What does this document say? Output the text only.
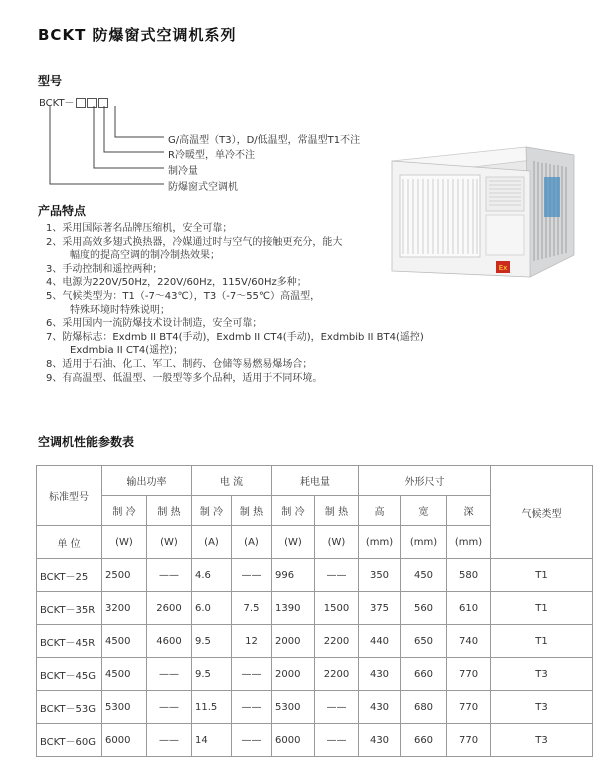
BCKT 防爆窗式空调机系列
型号
BCKT－
G/高温型（T3），D/低温型，常温型T1不注
R冷暖型，单冷不注
制冷量
防爆窗式空调机
Ex
产品特点
1、采用国际著名品牌压缩机，安全可靠；
2、采用高效多翅式换热器，冷媒通过时与空气的接触更充分，能大
幅度的提高空调的制冷制热效果；
3、手动控制和遥控两种；
4、电源为220V/50Hz，220V/60Hz，115V/60Hz多种；
5、气候类型为：T1（-7～43℃），T3（-7～55℃）高温型，
特殊环境时特殊说明；
6、采用国内一流防爆技术设计制造，安全可靠；
7、防爆标志：Exdmb II BT4(手动)，Exdmb II CT4(手动)，Exdmbib II BT4(遥控)
Exdmbia II CT4(遥控)；
8、适用于石油、化工、军工、制药、仓储等易燃易爆场合；
9、有高温型、低温型、一般型等多个品种，适用于不同环境。
空调机性能参数表
标准型号	输出功率		电 流		耗电量		外形尺寸			气候类型
	制 冷	制 热	制 冷	制 热	制 冷	制 热	高	宽	深	
单 位	(W)	(W)	(A)	(A)	(W)	(W)	(mm)	(mm)	(mm)	
BCKT－25	2500	——	4.6	——	996	——	350	450	580	T1
BCKT－35R	3200	2600	6.0	7.5	1390	1500	375	560	610	T1
BCKT－45R	4500	4600	9.5	12	2000	2200	440	650	740	T1
BCKT－45G	4500	——	9.5	——	2000	2200	430	660	770	T3
BCKT－53G	5300	——	11.5	——	5300	——	430	680	770	T3
BCKT－60G	6000	——	14	——	6000	——	430	660	770	T3
